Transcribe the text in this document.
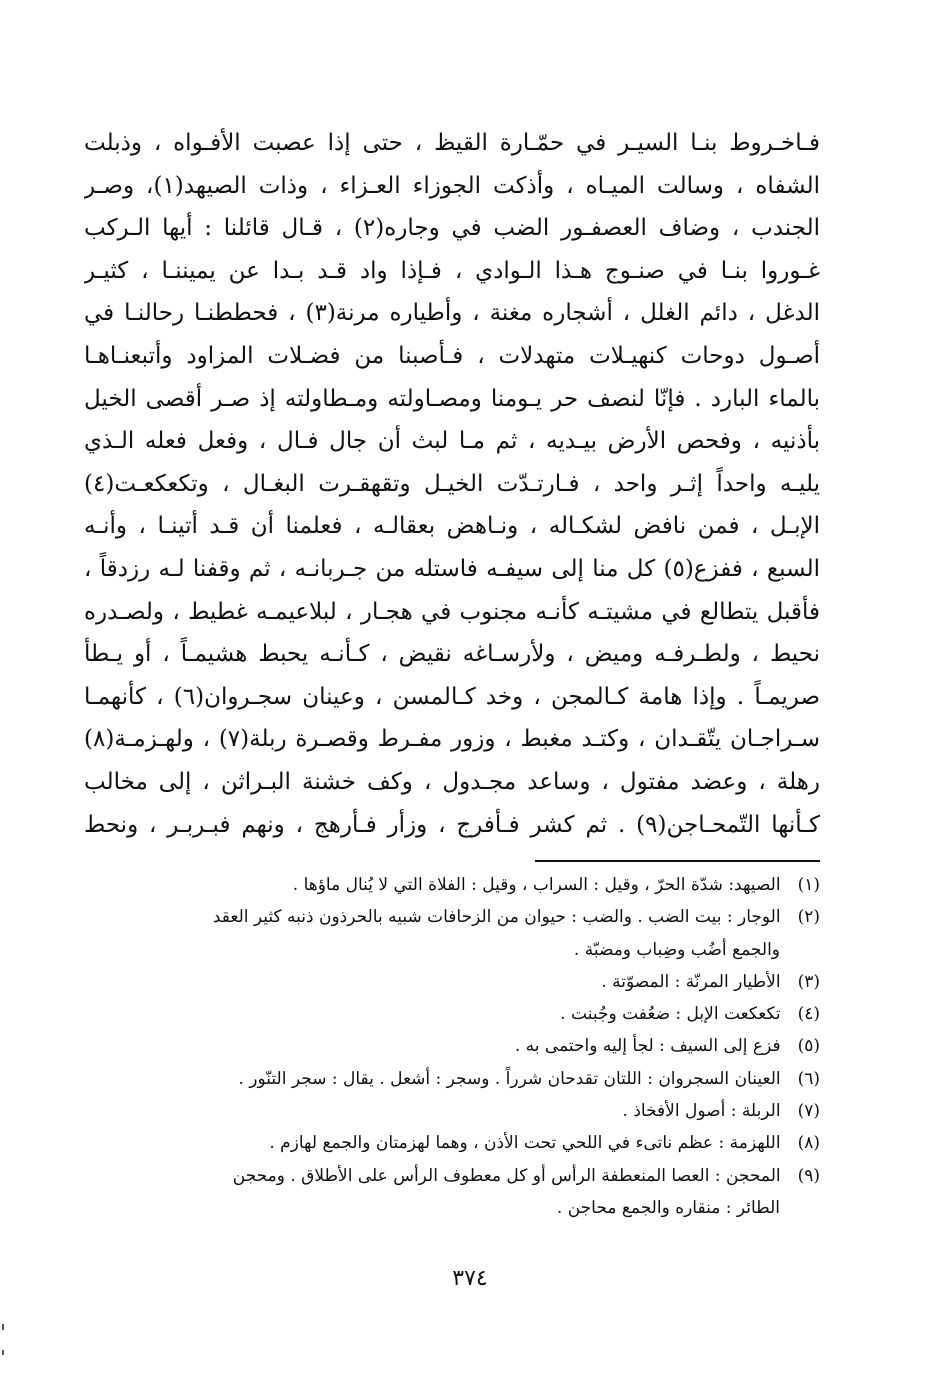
فـاخـروط بنـا السيـر في حمّـارة القيظ ، حتى إذا عصبت الأفـواه ، وذبلت
الشفاه ، وسالت الميـاه ، وأذكت الجوزاء العـزاء ، وذات الصيهد(١)، وصـر
الجندب ، وضاف العصفـور الضب في وجاره(٢) ، قـال قائلنا : أيها الـركب
غـوروا بنـا في صنـوج هـذا الـوادي ، فـإذا واد قـد بـدا عن يميننـا ، كثيـر
الدغل ، دائم الغلل ، أشجاره مغنة ، وأطياره مرنة(٣) ، فحططنـا رحالنـا في
أصـول دوحات كنهيـلات متهدلات ، فـأصبنا من فضـلات المزاود وأتبعنـاهـا
بالماء البارد . فإنّا لنصف حر يـومنا ومصـاولته ومـطاولته إذ صـر أقصى الخيل
بأذنيه ، وفحص الأرض بيـديه ، ثم مـا لبث أن جال فـال ، وفعل فعله الـذي
يليـه واحداً إثـر واحد ، فـارتـدّت الخيـل وتقهقـرت البغـال ، وتكعكعـت(٤)
الإبـل ، فمن نافض لشكـاله ، ونـاهض بعقالـه ، فعلمنا أن قـد أتينـا ، وأنـه
السبع ، ففزع(٥) كل منا إلى سيفـه فاستله من جـربانـه ، ثم وقفنا لـه رزدقاً ،
فأقبل يتطالع في مشيتـه كأنـه مجنوب في هجـار ، لبلاعيمـه غطيط ، ولصـدره
نحيط ، ولطـرفـه وميض ، ولأرسـاغه نقيض ، كـأنـه يحبط هشيمـاً ، أو يـطأ
صريمـاً . وإذا هامة كـالمجن ، وخد كـالمسن ، وعينان سجـروان(٦) ، كأنهمـا
سـراجـان يتّقـدان ، وكتـد مغبط ، وزور مفـرط وقصـرة ربلة(٧) ، ولهـزمـة(٨)
رهلة ، وعضد مفتول ، وساعد مجـدول ، وكف خشنة البـراثن ، إلى مخالب
كـأنها التّمحـاجن(٩) . ثم كشر فـأفرج ، وزأر فـأرهج ، ونهم فبـربـر ، ونحط
(١) الصيهد: شدّة الحرّ ، وقيل : السراب ، وقيل : الفلاة التي لا يُنال ماؤها .
(٢) الوجار : بيت الضب . والضب : حيوان من الزحافات شبيه بالحرذون ذنبه كثير العقد
والجمع أضُب وضِباب ومضبّة .
(٣) الأطيار المرنّة : المصوّتة .
(٤) تكعكعت الإبل : ضعُفت وجُبنت .
(٥) فزع إلى السيف : لجأ إليه واحتمى به .
(٦) العينان السجروان : اللتان تقدحان شرراً . وسجر : أشعل . يقال : سجر التنّور .
(٧) الربلة : أصول الأفخاذ .
(٨) اللهزمة : عظم ناتىء في اللحي تحت الأذن ، وهما لهزمتان والجمع لهازم .
(٩) المحجن : العصا المنعطفة الرأس أو كل معطوف الرأس على الأطلاق . ومحجن
الطائر : منقاره والجمع محاجن .
٣٧٤
